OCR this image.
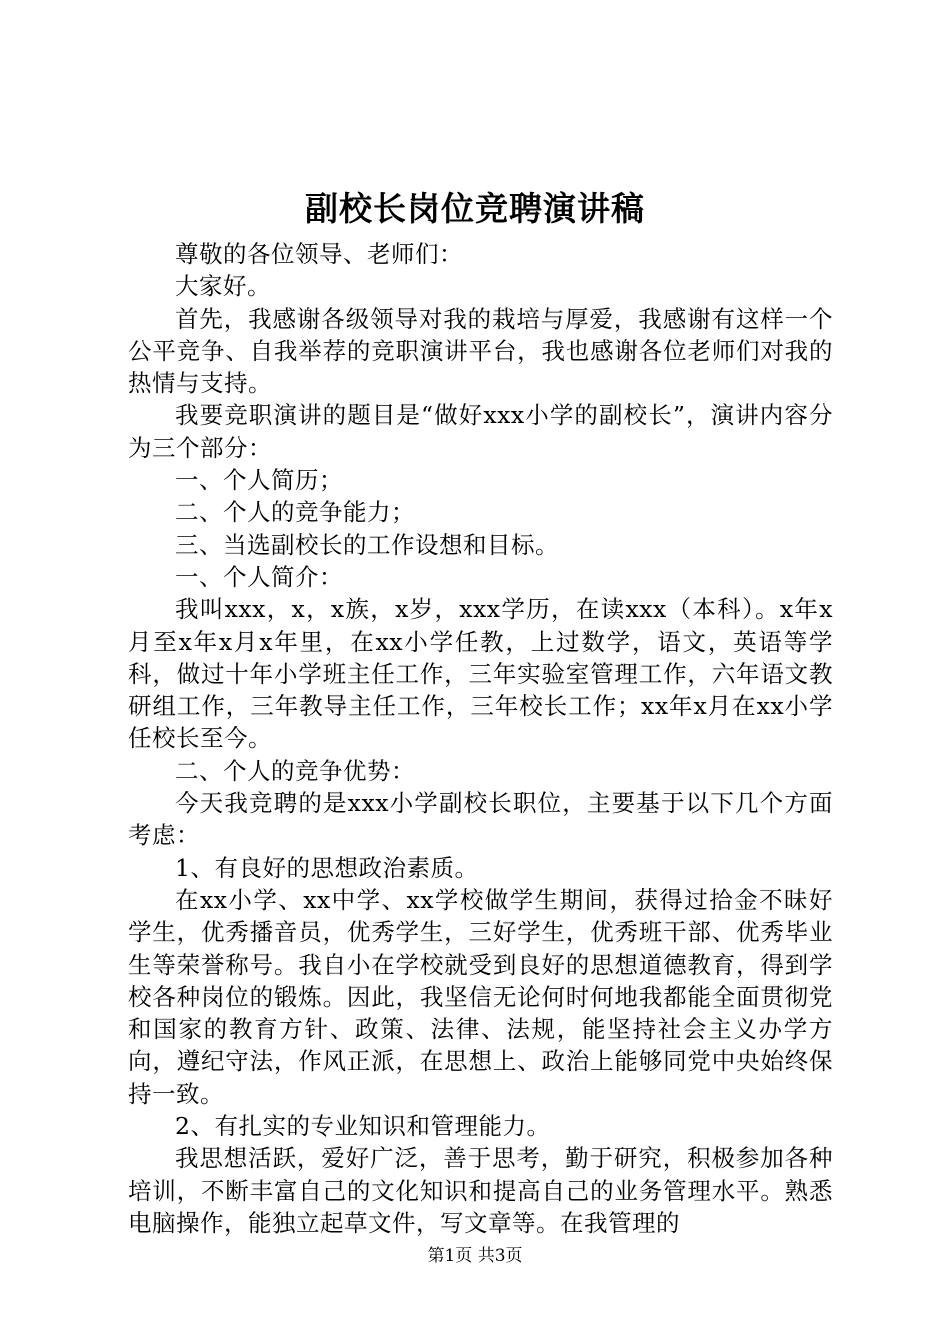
副校长岗位竞聘演讲稿

尊敬的各位领导、老师们：

大家好。

首先，我感谢各级领导对我的栽培与厚爱，我感谢有这样一个公平竞争、自我举荐的竞职演讲平台，我也感谢各位老师们对我的热情与支持。

我要竞职演讲的题目是“做好xxx小学的副校长”，演讲内容分为三个部分：

一、个人简历；

二、个人的竞争能力；

三、当选副校长的工作设想和目标。

一、个人简介：

我叫xxx，x，x族，x岁，xxx学历，在读xxx（本科）。x年x月至x年x月x年里，在xx小学任教，上过数学，语文，英语等学科，做过十年小学班主任工作，三年实验室管理工作，六年语文教研组工作，三年教导主任工作，三年校长工作；xx年x月在xx小学任校长至今。

二、个人的竞争优势：

今天我竞聘的是xxx小学副校长职位，主要基于以下几个方面考虑：

1、有良好的思想政治素质。

在xx小学、xx中学、xx学校做学生期间，获得过拾金不昧好学生，优秀播音员，优秀学生，三好学生，优秀班干部、优秀毕业生等荣誉称号。我自小在学校就受到良好的思想道德教育，得到学校各种岗位的锻炼。因此，我坚信无论何时何地我都能全面贯彻党和国家的教育方针、政策、法律、法规，能坚持社会主义办学方向，遵纪守法，作风正派，在思想上、政治上能够同党中央始终保持一致。

2、有扎实的专业知识和管理能力。

我思想活跃，爱好广泛，善于思考，勤于研究，积极参加各种培训，不断丰富自己的文化知识和提高自己的业务管理水平。熟悉电脑操作，能独立起草文件，写文章等。在我管理的

第1页 共3页
